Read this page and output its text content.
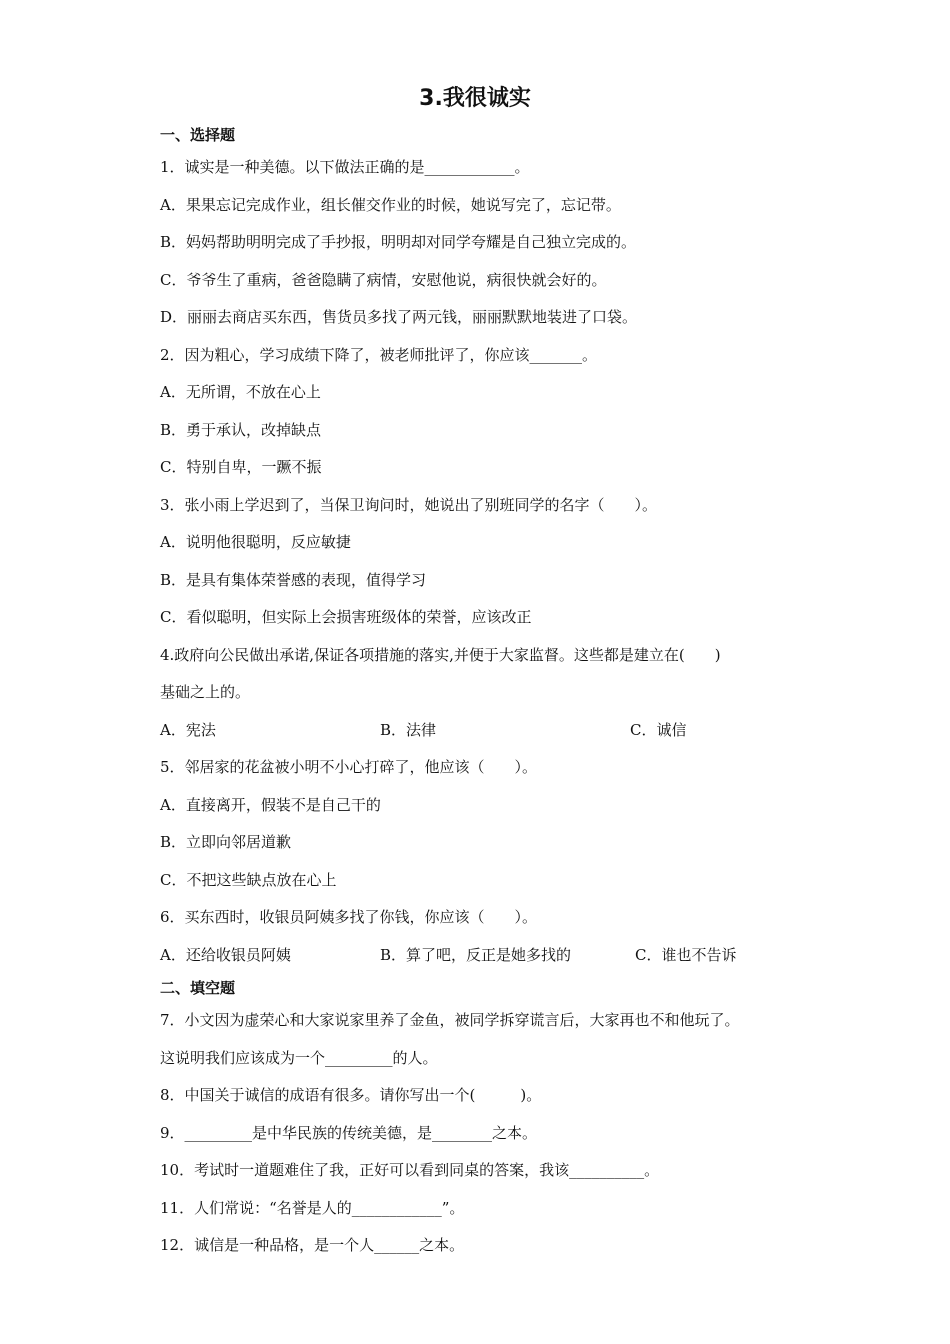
3.我很诚实
一、选择题
1．诚实是一种美德。以下做法正确的是____________。
A．果果忘记完成作业，组长催交作业的时候，她说写完了，忘记带。
B．妈妈帮助明明完成了手抄报，明明却对同学夸耀是自己独立完成的。
C．爷爷生了重病，爸爸隐瞒了病情，安慰他说，病很快就会好的。
D．丽丽去商店买东西，售货员多找了两元钱，丽丽默默地装进了口袋。
2．因为粗心，学习成绩下降了，被老师批评了，你应该_______。
A．无所谓，不放在心上
B．勇于承认，改掉缺点
C．特别自卑，一蹶不振
3．张小雨上学迟到了，当保卫询问时，她说出了别班同学的名字（　　）。
A．说明他很聪明，反应敏捷
B．是具有集体荣誉感的表现，值得学习
C．看似聪明，但实际上会损害班级体的荣誉，应该改正
4.政府向公民做出承诺,保证各项措施的落实,并便于大家监督。这些都是建立在(　　)
基础之上的。
A．宪法	B．法律	C．诚信
5．邻居家的花盆被小明不小心打碎了，他应该（　　）。
A．直接离开，假装不是自己干的
B．立即向邻居道歉
C．不把这些缺点放在心上
6．买东西时，收银员阿姨多找了你钱，你应该（　　）。
A．还给收银员阿姨	B．算了吧，反正是她多找的	C．谁也不告诉
二、填空题
7．小文因为虚荣心和大家说家里养了金鱼，被同学拆穿谎言后，大家再也不和他玩了。
这说明我们应该成为一个_________的人。
8．中国关于诚信的成语有很多。请你写出一个(　　　)。
9．_________是中华民族的传统美德，是________之本。
10．考试时一道题难住了我，正好可以看到同桌的答案，我该__________。
11．人们常说：“名誉是人的____________”。
12．诚信是一种品格，是一个人______之本。
